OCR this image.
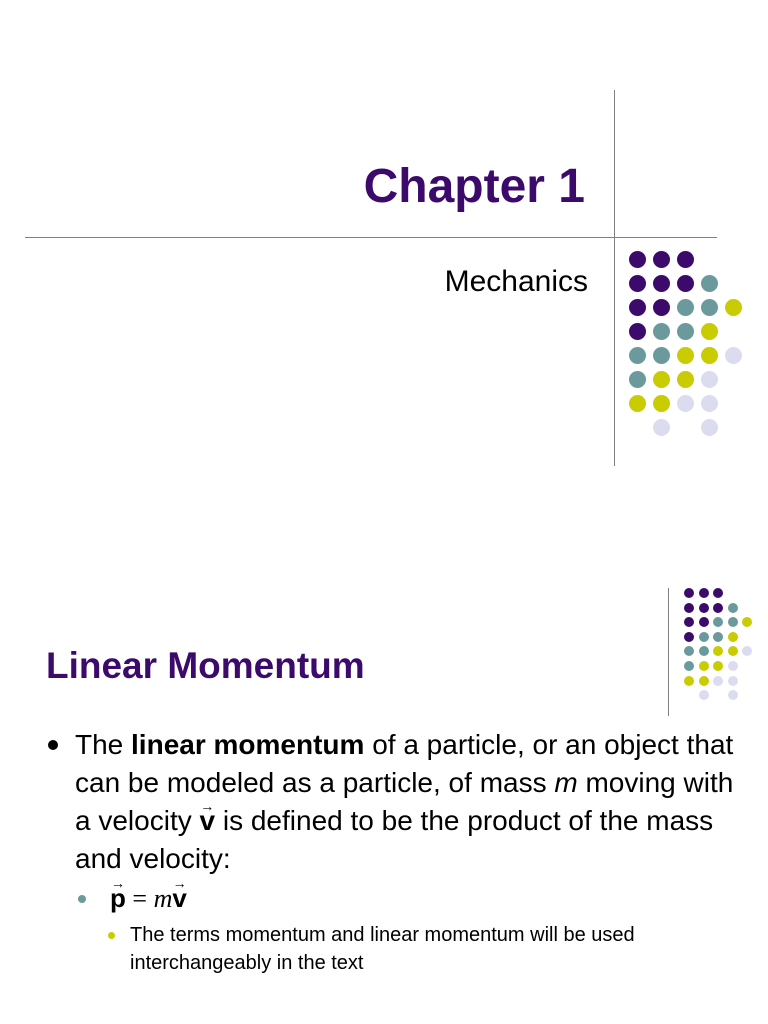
Chapter 1
Mechanics
Linear Momentum
The linear momentum of a particle, or an object that can be modeled as a particle, of mass m moving with a velocity → v is defined to be the product of the mass and velocity:
→ p = m→ v
The terms momentum and linear momentum will be used interchangeably in the text
